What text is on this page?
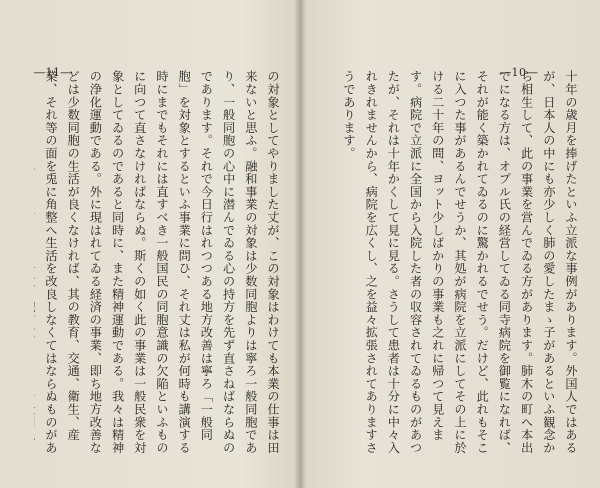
―11―	の対象としてやりました丈が、この対象はわけても本業の仕事は田来ないと思ふ。融和事業の対象は少数同胞よりは寧ろ一般同胞であり、一般同胞の心中に潜んでゐる心の持方を先ず直さねばならぬのであります。それで今日行はれつつある地方改善は寧ろ「一般同胞」を対象とするといふ事業に問ひ、それ丈は私が何時も講演する時にまでもそれには直すべき一般国民の同胞意識の欠陥といふものに向つて直さなければならぬ。斯くの如く此の事業は一般民衆を対象としてゐるのであると同時に、また精神運動である。我々は精神の浄化運動である。外に現はれてゐる経済の事業、即ち地方改善などは少数同胞の生活が良くなければ、其の教育、交通、衛生、産業、それ等の面を兎に角整へ生活を改良しなくてはならぬものがあ

―10―	十年の歳月を捧げたといふ立派な事例があります。外国人ではあるが、日本人の中にも亦少しく肺の愛したまゝ子があるといふ観念から相生して、此の事業を営んでゐる方があります。肺木の町へ本出でになる方は、オプル氏の経営してゐる同寺病院を御覧になれば、それが能く築かれてゐるのに驚かれるでせう。だけど、此れもそこに入つた事があるんでせうか、其処が病院を立派にしてその上に於ける二十年の間、ヨット少しばかりの事業も之れに帰つて見えます。病院で立派に全国から入院した者の収容されてゐるものがあつたが、それは十年かくして見に見る。さうして患者は十分に中々入れきれませんから、病院を広くし、之を益々拡張されてありますさうであります。
